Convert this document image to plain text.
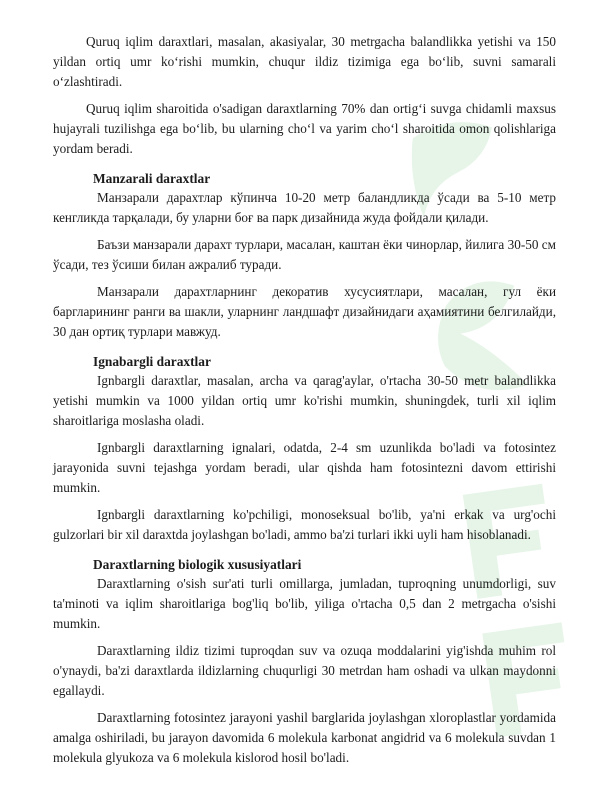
Quruq iqlim daraxtlari, masalan, akasiyalar, 30 metrgacha balandlikka yetishi va 150 yildan ortiq umr ko‘rishi mumkin, chuqur ildiz tizimiga ega bo‘lib, suvni samarali o‘zlashtiradi.

Quruq iqlim sharoitida o'sadigan daraxtlarning 70% dan ortig‘i suvga chidamli maxsus hujayrali tuzilishga ega bo‘lib, bu ularning cho‘l va yarim cho‘l sharoitida omon qolishlariga yordam beradi.

Manzarali daraxtlar

Манзарали дарахтлар кўпинча 10-20 метр баландликда ўсади ва 5-10 метр кенгликда тарқалади, бу уларни боғ ва парк дизайнида жуда фойдали қилади.

Баъзи манзарали дарахт турлари, масалан, каштан ёки чинорлар, йилига 30-50 см ўсади, тез ўсиши билан ажралиб туради.

Манзарали дарахтларнинг декоратив хусусиятлари, масалан, гул ёки баргларининг ранги ва шакли, уларнинг ландшафт дизайнидаги аҳамиятини белгилайди, 30 дан ортиқ турлари мавжуд.

Ignabargli daraxtlar

Ignbargli daraxtlar, masalan, archa va qarag'aylar, o'rtacha 30-50 metr balandlikka yetishi mumkin va 1000 yildan ortiq umr ko'rishi mumkin, shuningdek, turli xil iqlim sharoitlariga moslasha oladi.

Ignbargli daraxtlarning ignalari, odatda, 2-4 sm uzunlikda bo'ladi va fotosintez jarayonida suvni tejashga yordam beradi, ular qishda ham fotosintezni davom ettirishi mumkin.

Ignbargli daraxtlarning ko'pchiligi, monoseksual bo'lib, ya'ni erkak va urg'ochi gulzorlari bir xil daraxtda joylashgan bo'ladi, ammo ba'zi turlari ikki uyli ham hisoblanadi.

Daraxtlarning biologik xususiyatlari

Daraxtlarning o'sish sur'ati turli omillarga, jumladan, tuproqning unumdorligi, suv ta'minoti va iqlim sharoitlariga bog'liq bo'lib, yiliga o'rtacha 0,5 dan 2 metrgacha o'sishi mumkin.

Daraxtlarning ildiz tizimi tuproqdan suv va ozuqa moddalarini yig'ishda muhim rol o'ynaydi, ba'zi daraxtlarda ildizlarning chuqurligi 30 metrdan ham oshadi va ulkan maydonni egallaydi.

Daraxtlarning fotosintez jarayoni yashil barglarida joylashgan xloroplastlar yordamida amalga oshiriladi, bu jarayon davomida 6 molekula karbonat angidrid va 6 molekula suvdan 1 molekula glyukoza va 6 molekula kislorod hosil bo'ladi.
